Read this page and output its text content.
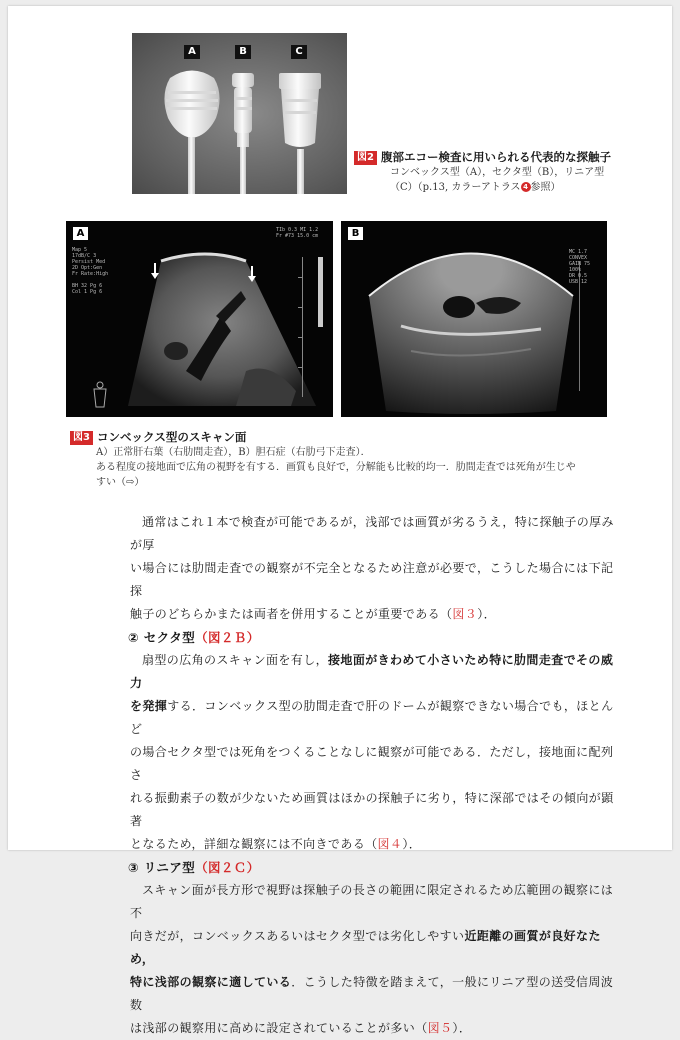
A	B	C
図2 腹部エコー検査に用いられる代表的な探触子
コンベックス型（A），セクタ型（B），リニア型
（C）（p.13, カラーアトラス 4 参照）
A
Map 5
17dB/C 3
Persist Med
2D Opt:Gen
Fr Rate:High
BH 32 Pg 6
Col 1 Pg 6
TIb 0.3 MI 1.2
Fr #73 15.0 cm	B
MC 1.7
CONVEX
GAIN 75
100%
DR 0.5
USB 12
図3 コンベックス型のスキャン面
A）正常肝右葉（右肋間走査），B）胆石症（右肋弓下走査）．
ある程度の接地面で広角の視野を有する．画質も良好で，分解能も比較的均一．肋間走査では死角が生じや
すい（⇨）

通常はこれ１本で検査が可能であるが，浅部では画質が劣るうえ，特に探触子の厚みが厚
い場合には肋間走査での観察が不完全となるため注意が必要で，こうした場合には下記探
触子のどちらかまたは両者を併用することが重要である（図３）．

② セクタ型（図２Ｂ）

扇型の広角のスキャン面を有し，接地面がきわめて小さいため特に肋間走査でその威力
を発揮する．コンベックス型の肋間走査で肝のドームが観察できない場合でも，ほとんど
の場合セクタ型では死角をつくることなしに観察が可能である．ただし，接地面に配列さ
れる振動素子の数が少ないため画質はほかの探触子に劣り，特に深部ではその傾向が顕著
となるため，詳細な観察には不向きである（図４）．

③ リニア型（図２Ｃ）

スキャン面が長方形で視野は探触子の長さの範囲に限定されるため広範囲の観察には不
向きだが，コンベックスあるいはセクタ型では劣化しやすい近距離の画質が良好なため，
特に浅部の観察に適している．こうした特徴を踏まえて，一般にリニア型の送受信周波数
は浅部の観察用に高めに設定されていることが多い（図５）．
